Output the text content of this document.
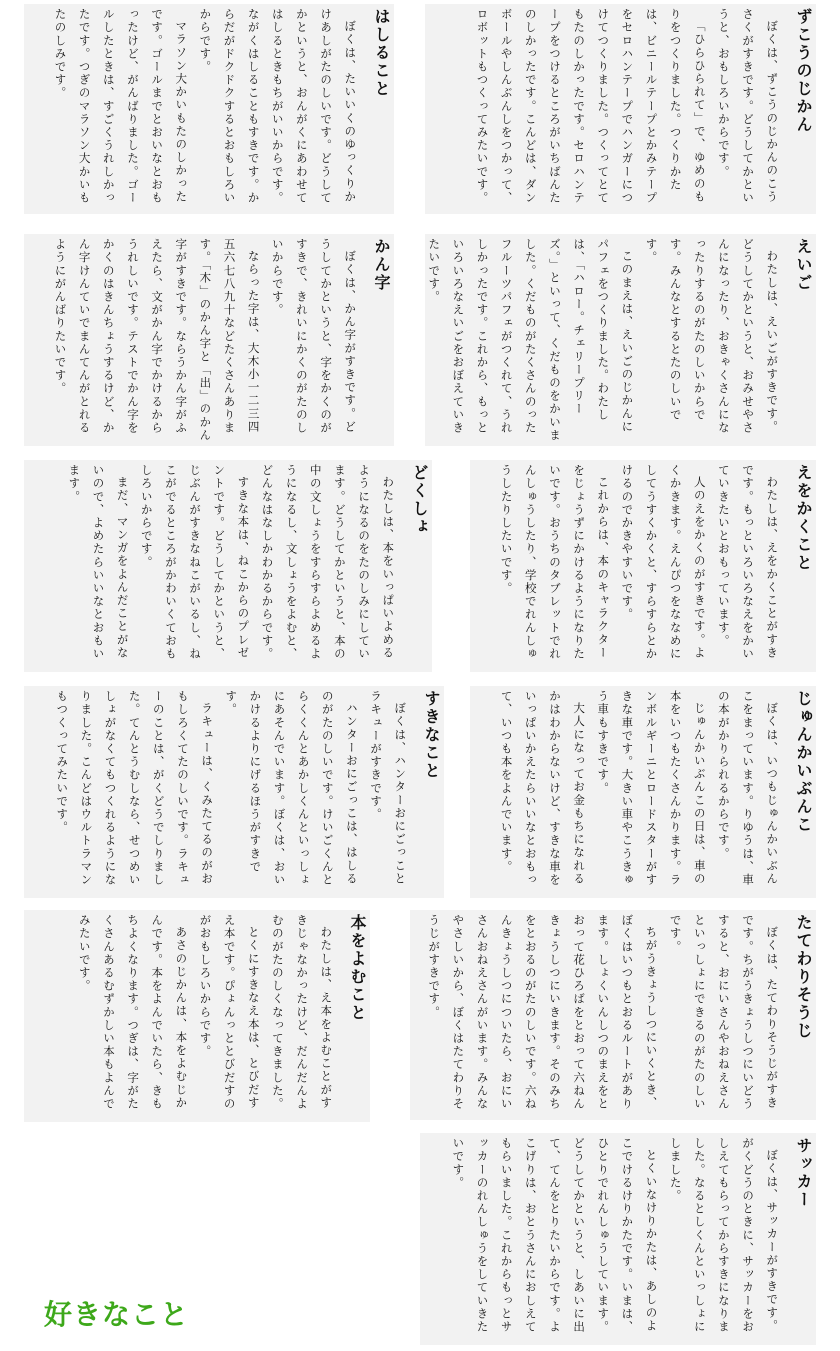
ずこうのじかん

ぼくは、ずこうのじかんのこうさくがすきです。どうしてかというと、おもしろいからです。

「ひらひられて」で、ゆめのもりをつくりました。つくりかたは、ビニールテープとかみテープをセロハンテープでハンガーにつけてつくりました。つくってとてもたのしかったです。セロハンテープをつけるところがいちばんたのしかったです。こんどは、ダンボールやしんぶんしをつかって、ロボットもつくってみたいです。

えいご

わたしは、えいごがすきです。どうしてかというと、おみせやさんになったり、おきゃくさんになったりするのがたのしいからです。みんなとするとたのしいです。

このまえは、えいごのじかんにパフェをつくりました。わたしは、「ハロー。チェリープリーズ。」といって、くだものをかいました。くだものがたくさんのったフルーツパフェがつくれて、うれしかったです。これから、もっといろいろなえいごをおぼえていきたいです。

えをかくこと

わたしは、えをかくことがすきです。もっといろいろなえをかいていきたいとおもっています。

人のえをかくのがすきです。よくかきます。えんぴつをななめにしてうすくかくと、すらすらとかけるのでかきやすいです。

これからは、本のキャラクターをじょうずにかけるようになりたいです。おうちのタブレットでれんしゅうしたり、学校でれんしゅうしたりしたいです。

じゅんかいぶんこ

ぼくは、いつもじゅんかいぶんこをまっています。りゆうは、車の本がかりられるからです。

じゅんかいぶんこの日は、車の本をいつもたくさんかります。ランボルギーニとロードスターがすきな車です。大きい車やこうきゅう車もすきです。

大人になってお金もちになれるかはわからないけど、すきな車をいっぱいかえたらいいなとおもって、いつも本をよんでいます。

たてわりそうじ

ぼくは、たてわりそうじがすきです。ちがうきょうしつにいどうすると、おにいさんやおねえさんといっしょにできるのがたのしいです。

ちがうきょうしつにいくとき、ぼくはいつもとおるルートがあります。しょくいんしつのまえをとおって花ひろばをとおって六ねんきょうしつにいきます。そのみちをとおるのがたのしいです。六ねんきょうしつについたら、おにいさんおねえさんがいます。みんなやさしいから、ぼくはたてわりそうじがすきです。

サッカー

ぼくは、サッカーがすきです。がくどうのときに、サッカーをおしえてもらってからすきになりました。なるとしくんといっしょにしました。

とくいなけりかたは、あしのよこでけるけりかたです。いまは、ひとりでれんしゅうしています。どうしてかというと、しあいに出て、てんをとりたいからです。よこげりは、おとうさんにおしえてもらいました。これからもっとサッカーのれんしゅうをしていきたいです。

はしること

ぼくは、たいいくのゆっくりかけあしがたのしいです。どうしてかというと、おんがくにあわせてはしるときもちがいいからです。ながくはしることもすきです。からだがドクドクするとおもしろいからです。

マラソン大かいもたのしかったです。ゴールまでとおいなとおもったけど、がんばりました。ゴールしたときは、すごくうれしかったです。つぎのマラソン大かいもたのしみです。

かん字

ぼくは、かん字がすきです。どうしてかというと、字をかくのがすきで、きれいにかくのがたのしいからです。

ならった字は、大木小一二三四五六七八九十などたくさんあります。「木」のかん字と「出」のかん字がすきです。ならうかん字がふえたら、文がかん字でかけるからうれしいです。テストでかん字をかくのはきんちょうするけど、かん字けんていでまんてんがとれるようにがんばりたいです。

どくしょ

わたしは、本をいっぱいよめるようになるのをたのしみにしています。どうしてかというと、本の中の文しょうをすらすらよめるようになるし、文しょうをよむと、どんなはなしかわかるからです。

すきな本は、ねこからのプレゼントです。どうしてかというと、じぶんがすきなねこがいるし、ねこがでるところがかわいくておもしろいからです。

まだ、マンガをよんだことがないので、よめたらいいなとおもいます。

すきなこと

ぼくは、ハンターおにごっことラキューがすきです。

ハンターおにごっこは、はしるのがたのしいです。けいごくんとらくくんとあかしくんといっしょにあそんでいます。ぼくは、おいかけるよりにげるほうがすきです。

ラキューは、くみたてるのがおもしろくてたのしいです。ラキューのことは、がくどうでしりました。てんとうむしなら、せつめいしょがなくてもつくれるようになりました。こんどはウルトラマンもつくってみたいです。

本をよむこと

わたしは、え本をよむことがすきじゃなかったけど、だんだんよむのがたのしくなってきました。

とくにすきなえ本は、とびだすえ本です。ぴょんっととびだすのがおもしろいからです。

あさのじかんは、本をよむじかんです。本をよんでいたら、きもちよくなります。つぎは、字がたくさんあるむずかしい本もよんでみたいです。

好きなこと
